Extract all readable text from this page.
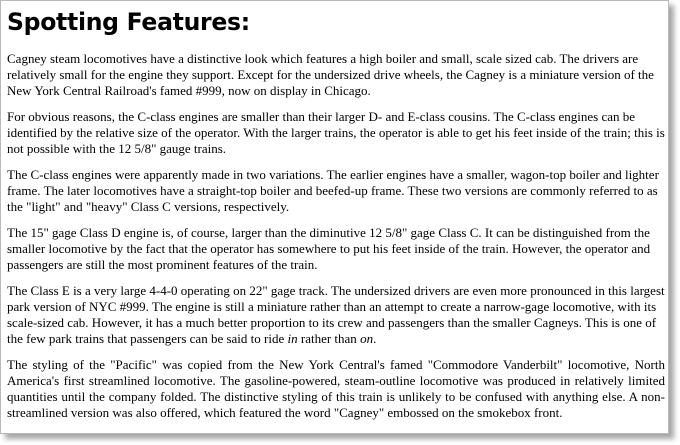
Spotting Features:

Cagney steam locomotives have a distinctive look which features a high boiler and small, scale sized cab. The drivers are relatively small for the engine they support. Except for the undersized drive wheels, the Cagney is a miniature version of the New York Central Railroad's famed #999, now on display in Chicago.

For obvious reasons, the C-class engines are smaller than their larger D- and E-class cousins. The C-class engines can be identified by the relative size of the operator. With the larger trains, the operator is able to get his feet inside of the train; this is not possible with the 12 5/8" gauge trains.

The C-class engines were apparently made in two variations. The earlier engines have a smaller, wagon-top boiler and lighter frame. The later locomotives have a straight-top boiler and beefed-up frame. These two versions are commonly referred to as the "light" and "heavy" Class C versions, respectively.

The 15" gage Class D engine is, of course, larger than the diminutive 12 5/8" gage Class C. It can be distinguished from the smaller locomotive by the fact that the operator has somewhere to put his feet inside of the train. However, the operator and passengers are still the most prominent features of the train.

The Class E is a very large 4-4-0 operating on 22" gage track. The undersized drivers are even more pronounced in this largest park version of NYC #999. The engine is still a miniature rather than an attempt to create a narrow-gage locomotive, with its scale-sized cab. However, it has a much better proportion to its crew and passengers than the smaller Cagneys. This is one of the few park trains that passengers can be said to ride in rather than on.

The styling of the "Pacific" was copied from the New York Central's famed "Commodore Vanderbilt" locomotive, North America's first streamlined locomotive. The gasoline-powered, steam-outline locomotive was produced in relatively limited quantities until the company folded. The distinctive styling of this train is unlikely to be confused with anything else. A non-streamlined version was also offered, which featured the word "Cagney" embossed on the smokebox front.
